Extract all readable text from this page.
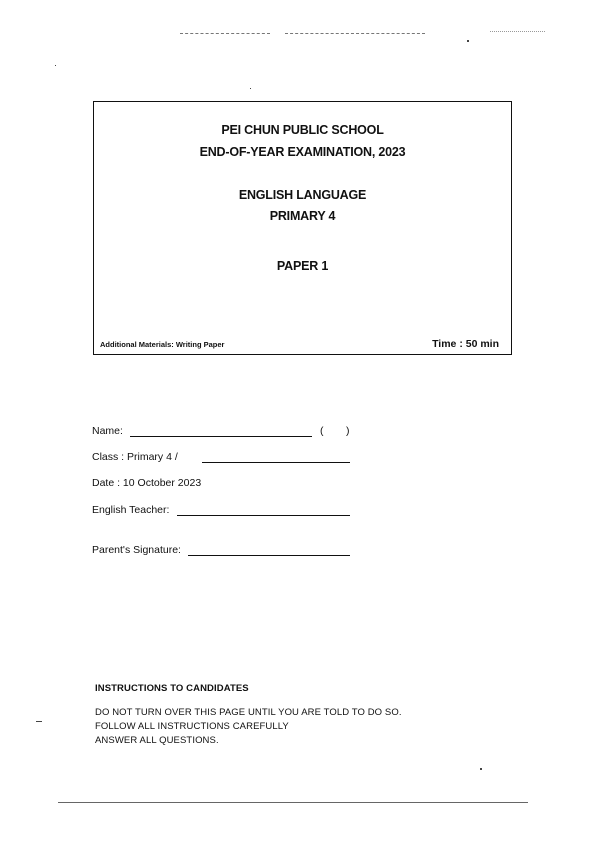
PEI CHUN PUBLIC SCHOOL
END-OF-YEAR EXAMINATION, 2023
ENGLISH LANGUAGE
PRIMARY 4
PAPER 1
Additional Materials: Writing Paper	Time : 50 min
Name:	( )
Class : Primary 4 /
Date : 10 October 2023
English Teacher:
Parent's Signature:
INSTRUCTIONS TO CANDIDATES
DO NOT TURN OVER THIS PAGE UNTIL YOU ARE TOLD TO DO SO.
FOLLOW ALL INSTRUCTIONS CAREFULLY
ANSWER ALL QUESTIONS.
